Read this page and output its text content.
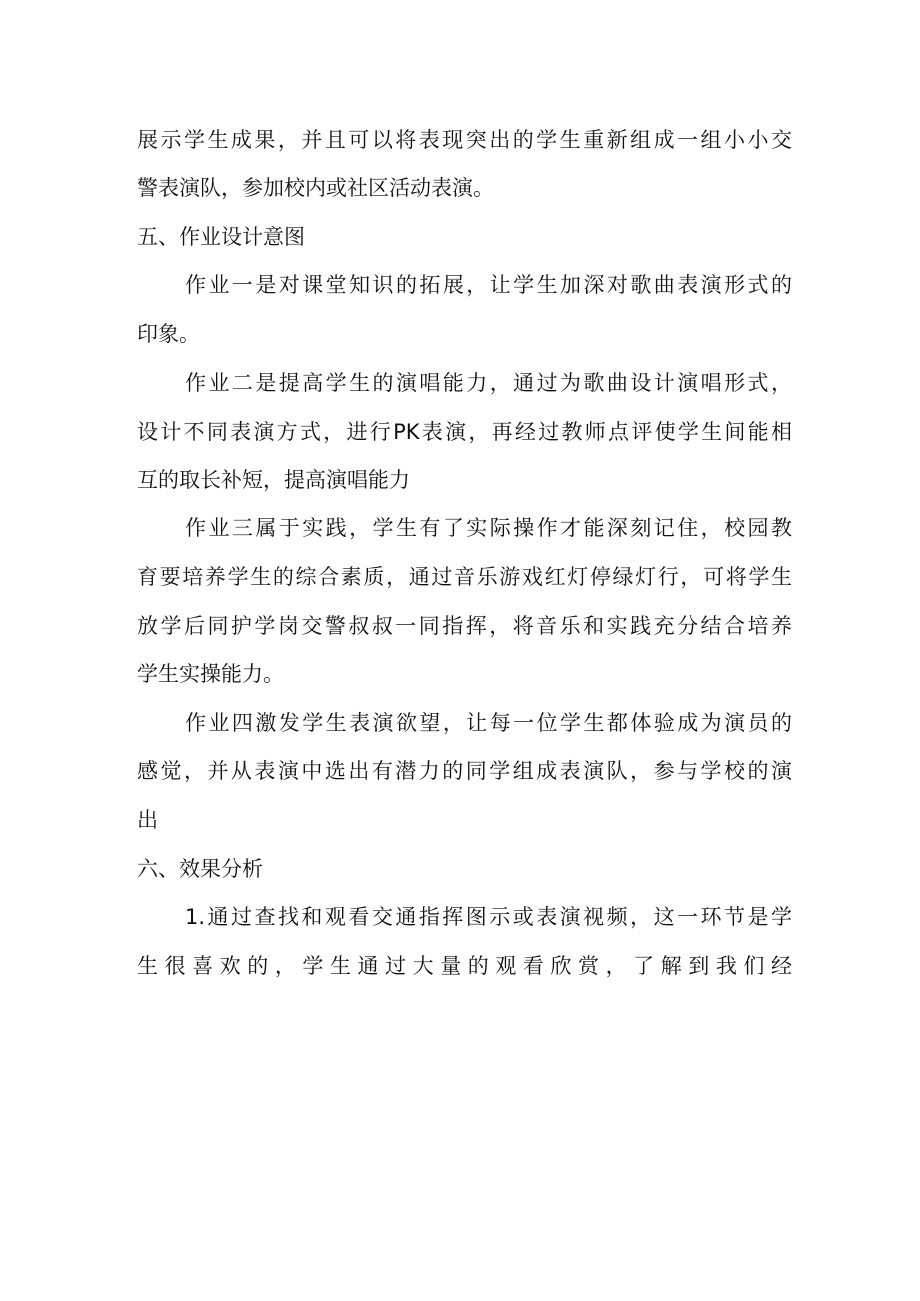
展示学生成果，并且可以将表现突出的学生重新组成一组小小交
警表演队，参加校内或社区活动表演。
五、作业设计意图
作业一是对课堂知识的拓展，让学生加深对歌曲表演形式的
印象。
作业二是提高学生的演唱能力，通过为歌曲设计演唱形式，
设计不同表演方式，进行PK表演，再经过教师点评使学生间能相
互的取长补短，提高演唱能力
作业三属于实践，学生有了实际操作才能深刻记住，校园教
育要培养学生的综合素质，通过音乐游戏红灯停绿灯行，可将学生
放学后同护学岗交警叔叔一同指挥，将音乐和实践充分结合培养
学生实操能力。
作业四激发学生表演欲望，让每一位学生都体验成为演员的
感觉，并从表演中选出有潜力的同学组成表演队，参与学校的演
出
六、效果分析
1.通过查找和观看交通指挥图示或表演视频，这一环节是学
生很喜欢的，学生通过大量的观看欣赏，了解到我们经
